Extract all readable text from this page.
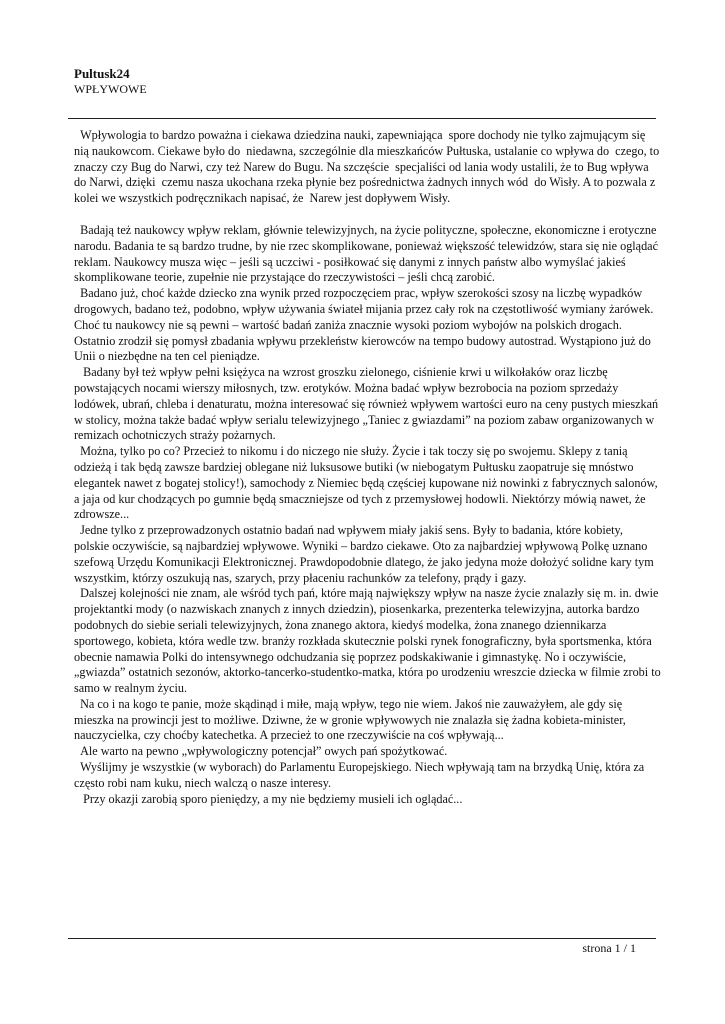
Pultusk24

WPŁYWOWE

Wpływologia to bardzo poważna i ciekawa dziedzina nauki, zapewniająca  spore dochody nie tylko zajmującym się nią naukowcom. Ciekawe było do  niedawna, szczególnie dla mieszkańców Pułtuska, ustalanie co wpływa do  czego, to znaczy czy Bug do Narwi, czy też Narew do Bugu. Na szczęście  specjaliści od lania wody ustalili, że to Bug wpływa do Narwi, dzięki  czemu nasza ukochana rzeka płynie bez pośrednictwa żadnych innych wód  do Wisły. A to pozwala z kolei we wszystkich podręcznikach napisać, że  Narew jest dopływem Wisły.

Badają też naukowcy wpływ reklam, głównie telewizyjnych, na życie polityczne, społeczne, ekonomiczne i erotyczne narodu. Badania te są bardzo trudne, by nie rzec skomplikowane, ponieważ większość telewidzów, stara się nie oglądać reklam. Naukowcy musza więc – jeśli są uczciwi - posiłkować się danymi z innych państw albo wymyślać jakieś skomplikowane teorie, zupełnie nie przystające do rzeczywistości – jeśli chcą zarobić.

Badano już, choć każde dziecko zna wynik przed rozpoczęciem prac, wpływ szerokości szosy na liczbę wypadków drogowych, badano też, podobno, wpływ używania świateł mijania przez cały rok na częstotliwość wymiany żarówek. Choć tu naukowcy nie są pewni – wartość badań zaniża znacznie wysoki poziom wybojów na polskich drogach. Ostatnio zrodził się pomysł zbadania wpływu przekleństw kierowców na tempo budowy autostrad. Wystąpiono już do Unii o niezbędne na ten cel pieniądze.

Badany był też wpływ pełni księżyca na wzrost groszku zielonego, ciśnienie krwi u wilkołaków oraz liczbę powstających nocami wierszy miłosnych, tzw. erotyków. Można badać wpływ bezrobocia na poziom sprzedaży lodówek, ubrań, chleba i denaturatu, można interesować się również wpływem wartości euro na ceny pustych mieszkań w stolicy, można także badać wpływ serialu telewizyjnego „Taniec z gwiazdami” na poziom zabaw organizowanych w remizach ochotniczych straży pożarnych.

Można, tylko po co? Przecież to nikomu i do niczego nie służy. Życie i tak toczy się po swojemu. Sklepy z tanią odzieżą i tak będą zawsze bardziej oblegane niż luksusowe butiki (w niebogatym Pułtusku zaopatruje się mnóstwo elegantek nawet z bogatej stolicy!), samochody z Niemiec będą częściej kupowane niż nowinki z fabrycznych salonów, a jaja od kur chodzących po gumnie będą smaczniejsze od tych z przemysłowej hodowli. Niektórzy mówią nawet, że zdrowsze...

Jedne tylko z przeprowadzonych ostatnio badań nad wpływem miały jakiś sens. Były to badania, które kobiety, polskie oczywiście, są najbardziej wpływowe. Wyniki – bardzo ciekawe. Oto za najbardziej wpływową Polkę uznano szefową Urzędu Komunikacji Elektronicznej. Prawdopodobnie dlatego, że jako jedyna może dołożyć solidne kary tym wszystkim, którzy oszukują nas, szarych, przy płaceniu rachunków za telefony, prądy i gazy.

Dalszej kolejności nie znam, ale wśród tych pań, które mają największy wpływ na nasze życie znalazły się m. in. dwie projektantki mody (o nazwiskach znanych z innych dziedzin), piosenkarka, prezenterka telewizyjna, autorka bardzo podobnych do siebie seriali telewizyjnych, żona znanego aktora, kiedyś modelka, żona znanego dziennikarza sportowego, kobieta, która wedle tzw. branży rozkłada skutecznie polski rynek fonograficzny, była sportsmenka, która obecnie namawia Polki do intensywnego odchudzania się poprzez podskakiwanie i gimnastykę. No i oczywiście, „gwiazda” ostatnich sezonów, aktorko-tancerko-studentko-matka, która po urodzeniu wreszcie dziecka w filmie zrobi to samo w realnym życiu.

Na co i na kogo te panie, może skądinąd i miłe, mają wpływ, tego nie wiem. Jakoś nie zauważyłem, ale gdy się mieszka na prowincji jest to możliwe. Dziwne, że w gronie wpływowych nie znalazła się żadna kobieta-minister, nauczycielka, czy choćby katechetka. A przecież to one rzeczywiście na coś wpływają...

Ale warto na pewno „wpływologiczny potencjał” owych pań spożytkować.

Wyślijmy je wszystkie (w wyborach) do Parlamentu Europejskiego. Niech wpływają tam na brzydką Unię, która za często robi nam kuku, niech walczą o nasze interesy.

Przy okazji zarobią sporo pieniędzy, a my nie będziemy musieli ich oglądać...

strona 1 / 1
